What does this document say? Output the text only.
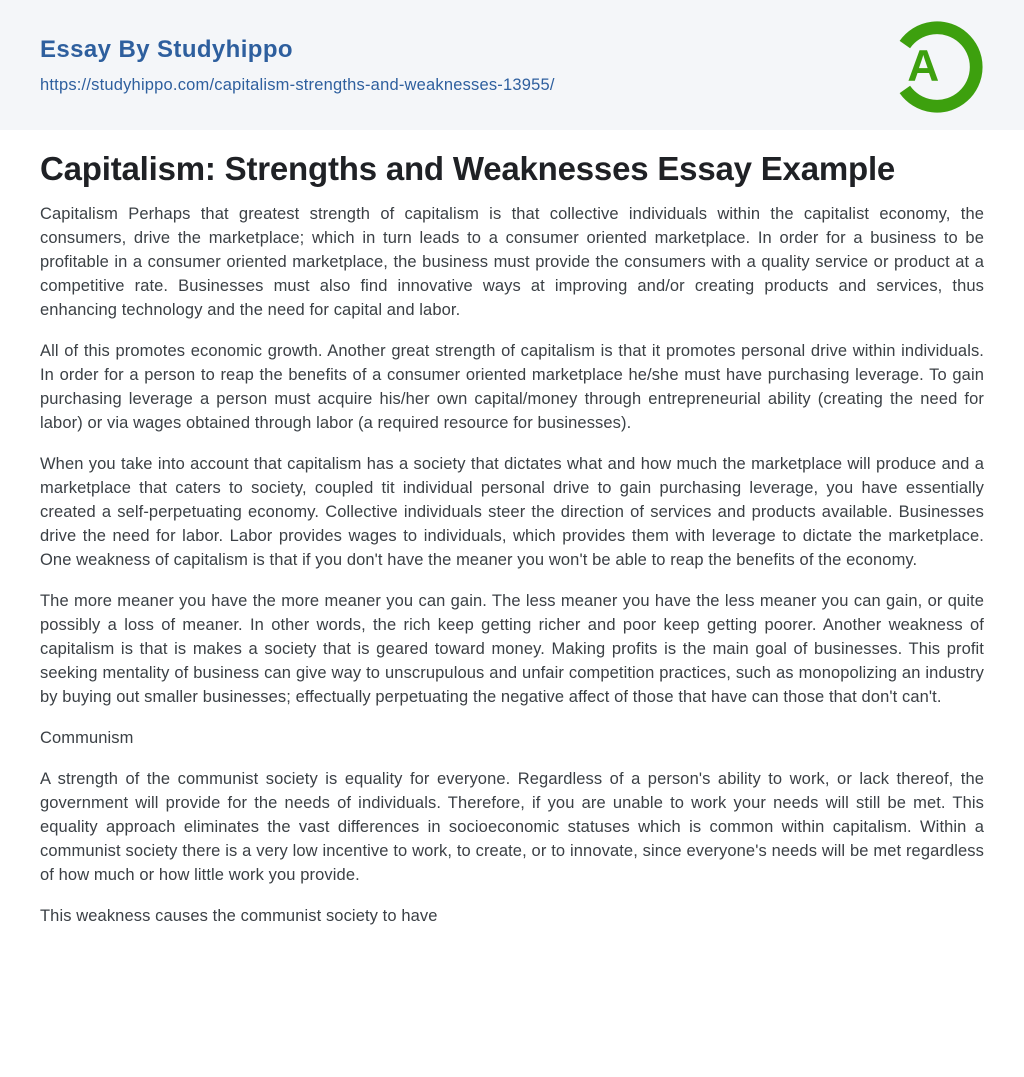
Essay By Studyhippo
https://studyhippo.com/capitalism-strengths-and-weaknesses-13955/	A
Capitalism: Strengths and Weaknesses Essay Example

Capitalism Perhaps that greatest strength of capitalism is that collective individuals within the capitalist economy, the consumers, drive the marketplace; which in turn leads to a consumer oriented marketplace. In order for a business to be profitable in a consumer oriented marketplace, the business must provide the consumers with a quality service or product at a competitive rate. Businesses must also find innovative ways at improving and/or creating products and services, thus enhancing technology and the need for capital and labor.

All of this promotes economic growth. Another great strength of capitalism is that it promotes personal drive within individuals. In order for a person to reap the benefits of a consumer oriented marketplace he/she must have purchasing leverage. To gain purchasing leverage a person must acquire his/her own capital/money through entrepreneurial ability (creating the need for labor) or via wages obtained through labor (a required resource for businesses).

When you take into account that capitalism has a society that dictates what and how much the marketplace will produce and a marketplace that caters to society, coupled tit individual personal drive to gain purchasing leverage, you have essentially created a self-perpetuating economy. Collective individuals steer the direction of services and products available. Businesses drive the need for labor. Labor provides wages to individuals, which provides them with leverage to dictate the marketplace. One weakness of capitalism is that if you don't have the meaner you won't be able to reap the benefits of the economy.

The more meaner you have the more meaner you can gain. The less meaner you have the less meaner you can gain, or quite possibly a loss of meaner. In other words, the rich keep getting richer and poor keep getting poorer. Another weakness of capitalism is that is makes a society that is geared toward money. Making profits is the main goal of businesses. This profit seeking mentality of business can give way to unscrupulous and unfair competition practices, such as monopolizing an industry by buying out smaller businesses; effectually perpetuating the negative affect of those that have can those that don't can't.

Communism

A strength of the communist society is equality for everyone. Regardless of a person's ability to work, or lack thereof, the government will provide for the needs of individuals. Therefore, if you are unable to work your needs will still be met. This equality approach eliminates the vast differences in socioeconomic statuses which is common within capitalism. Within a communist society there is a very low incentive to work, to create, or to innovate, since everyone's needs will be met regardless of how much or how little work you provide.

This weakness causes the communist society to have
